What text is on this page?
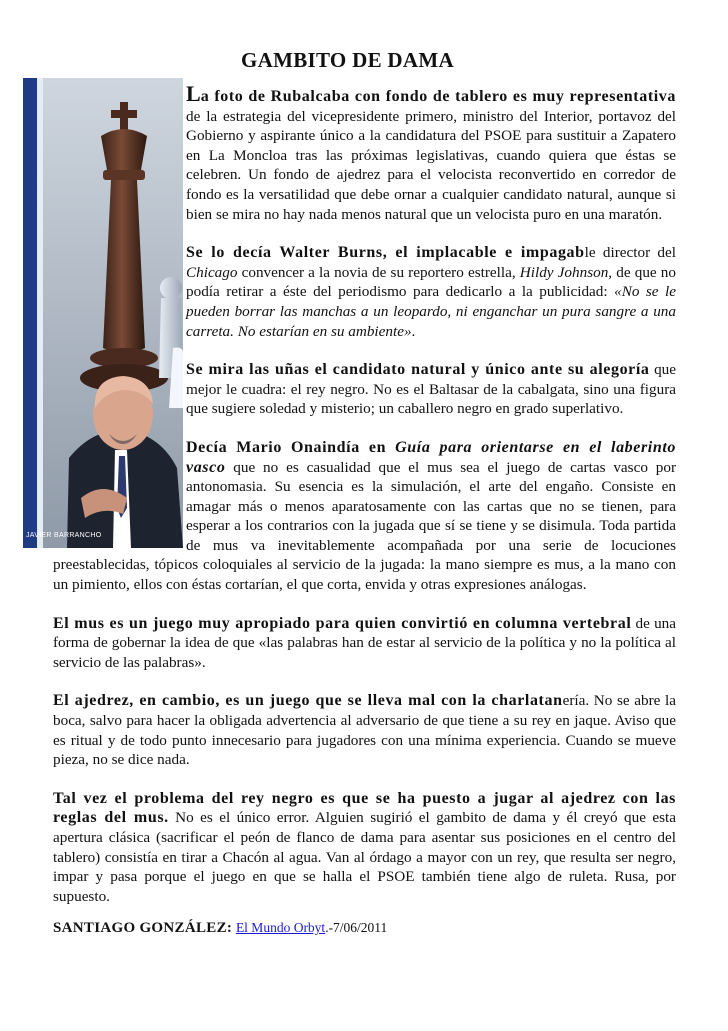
GAMBITO DE DAMA
JAVIER BARRANCHO

La foto de Rubalcaba con fondo de tablero es muy representativa de la estrategia del vicepresidente primero, ministro del Interior, portavoz del Gobierno y aspirante único a la candidatura del PSOE para sustituir a Zapatero en La Moncloa tras las próximas legislativas, cuando quiera que éstas se celebren. Un fondo de ajedrez para el velocista reconvertido en corredor de fondo es la versatilidad que debe ornar a cualquier candidato natural, aunque si bien se mira no hay nada menos natural que un velocista puro en una maratón.

Se lo decía Walter Burns, el implacable e impagable director del Chicago convencer a la novia de su reportero estrella, Hildy Johnson, de que no podía retirar a éste del periodismo para dedicarlo a la publicidad: «No se le pueden borrar las manchas a un leopardo, ni enganchar un pura sangre a una carreta. No estarían en su ambiente».

Se mira las uñas el candidato natural y único ante su alegoría que mejor le cuadra: el rey negro. No es el Baltasar de la cabalgata, sino una figura que sugiere soledad y misterio; un caballero negro en grado superlativo.

Decía Mario Onaindía en Guía para orientarse en el laberinto vasco que no es casualidad que el mus sea el juego de cartas vasco por antonomasia. Su esencia es la simulación, el arte del engaño. Consiste en amagar más o menos aparatosamente con las cartas que no se tienen, para esperar a los contrarios con la jugada que sí se tiene y se disimula. Toda partida de mus va inevitablemente acompañada por una serie de locuciones preestablecidas, tópicos coloquiales al servicio de la jugada: la mano siempre es mus, a la mano con un pimiento, ellos con éstas cortarían, el que corta, envida y otras expresiones análogas.

El mus es un juego muy apropiado para quien convirtió en columna vertebral de una forma de gobernar la idea de que «las palabras han de estar al servicio de la política y no la política al servicio de las palabras».

El ajedrez, en cambio, es un juego que se lleva mal con la charlatanería. No se abre la boca, salvo para hacer la obligada advertencia al adversario de que tiene a su rey en jaque. Aviso que es ritual y de todo punto innecesario para jugadores con una mínima experiencia. Cuando se mueve pieza, no se dice nada.

Tal vez el problema del rey negro es que se ha puesto a jugar al ajedrez con las reglas del mus. No es el único error. Alguien sugirió el gambito de dama y él creyó que esta apertura clásica (sacrificar el peón de flanco de dama para asentar sus posiciones en el centro del tablero) consistía en tirar a Chacón al agua. Van al órdago a mayor con un rey, que resulta ser negro, impar y pasa porque el juego en que se halla el PSOE también tiene algo de ruleta. Rusa, por supuesto.

SANTIAGO GONZÁLEZ: El Mundo Orbyt.-7/06/2011
